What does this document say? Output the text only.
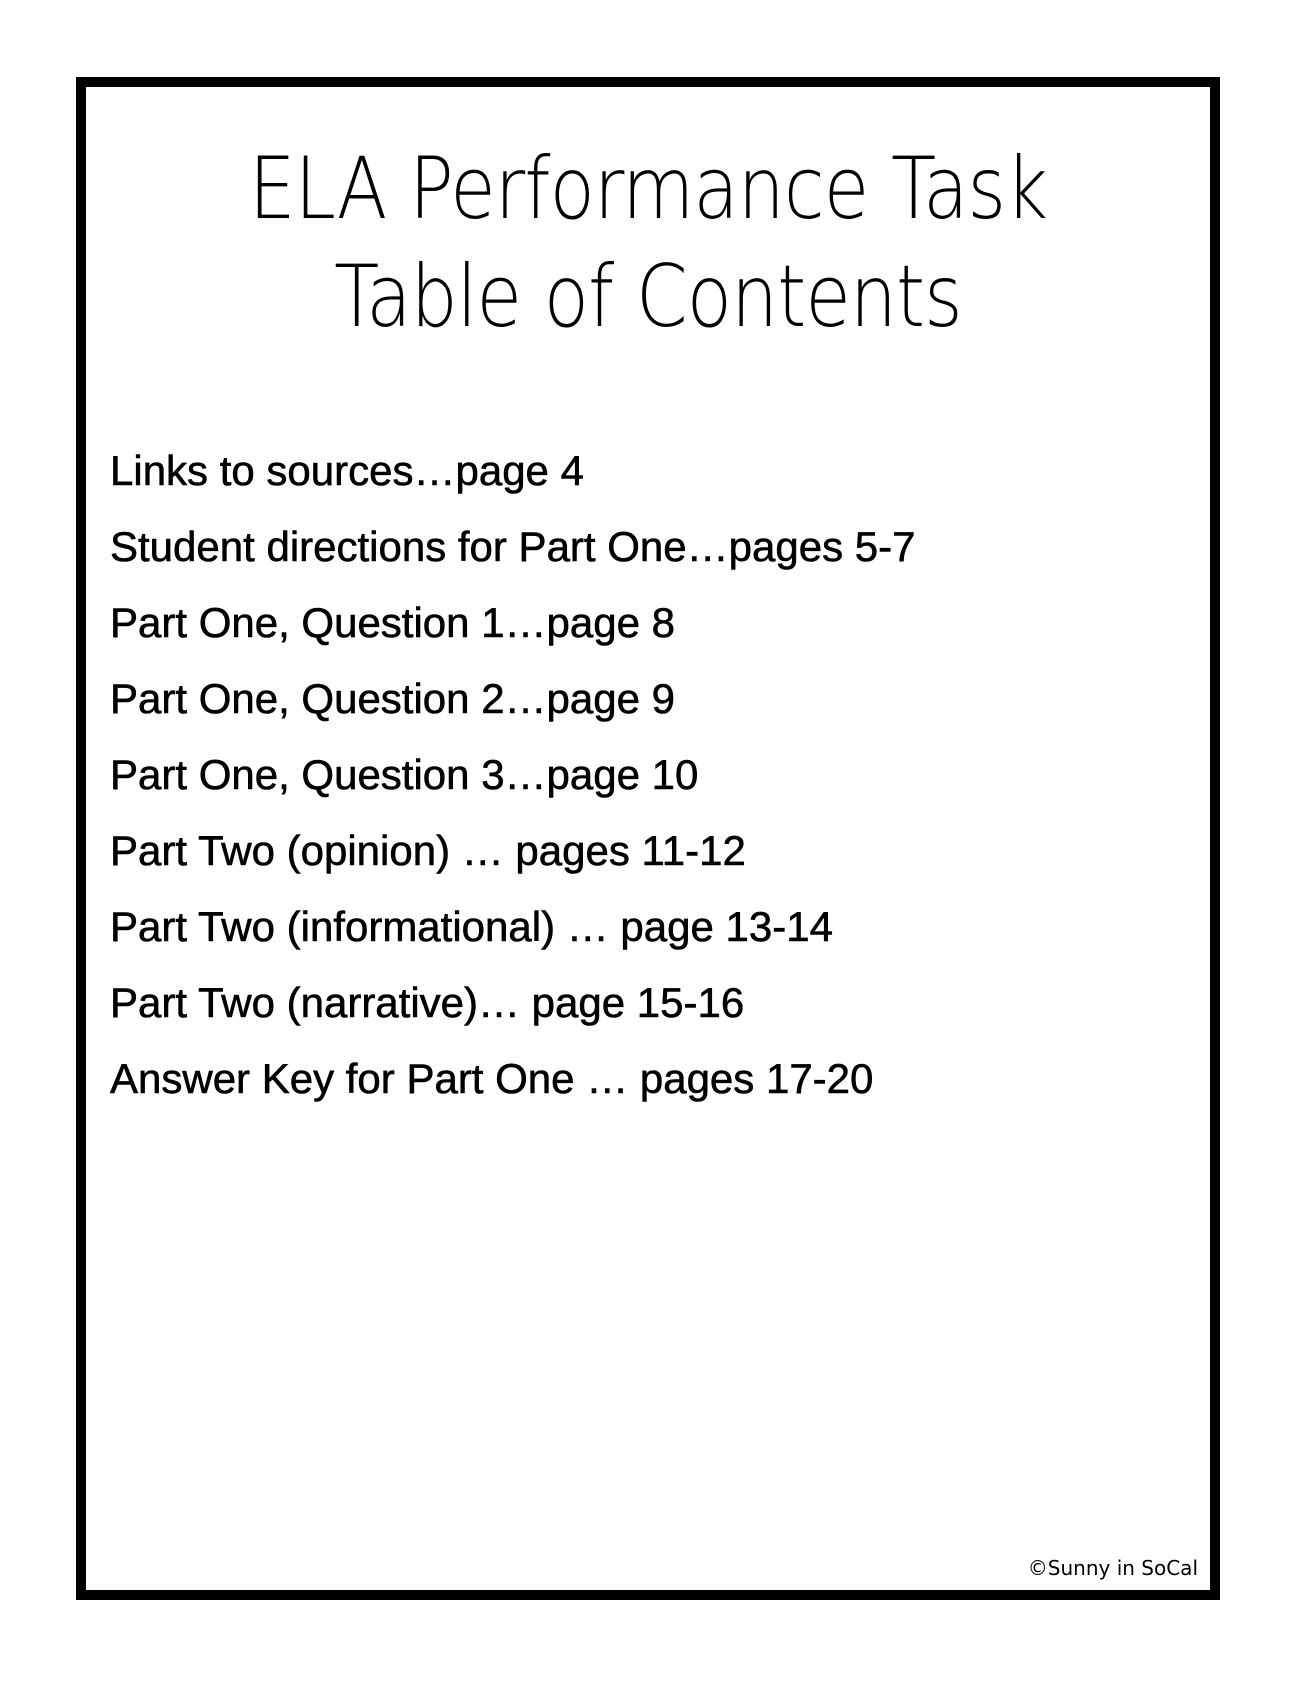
ELA Performance Task
Table of Contents
Links to sources…page 4
Student directions for Part One…pages 5-7
Part One, Question 1…page 8
Part One, Question 2…page 9
Part One, Question 3…page 10
Part Two (opinion) … pages 11-12
Part Two (informational) … page 13-14
Part Two (narrative)… page 15-16
Answer Key for Part One … pages 17-20
©Sunny in SoCal
